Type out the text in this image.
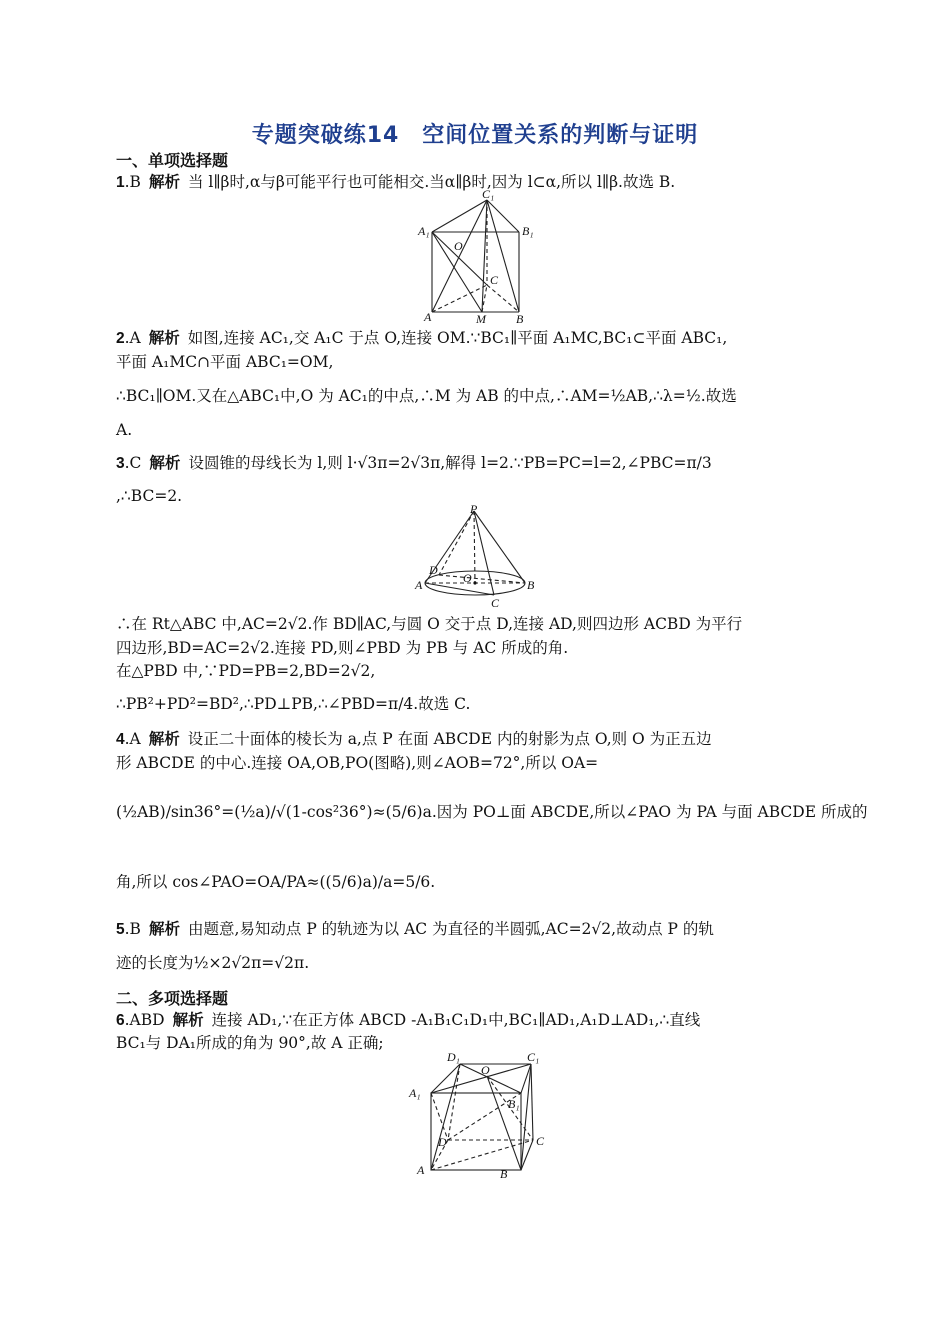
专题突破练14　空间位置关系的判断与证明
一、单项选择题
1.B 解析 当 l∥β时,α与β可能平行也可能相交.当α∥β时,因为 l⊂α,所以 l∥β.故选 B.
A₁
C₁
B₁
O
C
A	M	B
2.A 解析 如图,连接 AC₁,交 A₁C 于点 O,连接 OM.∵BC₁∥平面 A₁MC,BC₁⊂平面 ABC₁,
平面 A₁MC∩平面 ABC₁=OM,
∴BC₁∥OM.又在△ABC₁中,O 为 AC₁的中点,∴M 为 AB 的中点,∴AM=½AB,∴λ=½.故选
A.
3.C 解析 设圆锥的母线长为 l,则 l·√3π=2√3π,解得 l=2.∵PB=PC=l=2,∠PBC=π/3
,∴BC=2.
P
D
O
A	B
C
∴在 Rt△ABC 中,AC=2√2.作 BD∥AC,与圆 O 交于点 D,连接 AD,则四边形 ACBD 为平行
四边形,BD=AC=2√2.连接 PD,则∠PBD 为 PB 与 AC 所成的角.
在△PBD 中,∵PD=PB=2,BD=2√2,
∴PB²+PD²=BD²,∴PD⊥PB,∴∠PBD=π/4.故选 C.
4.A 解析 设正二十面体的棱长为 a,点 P 在面 ABCDE 内的射影为点 O,则 O 为正五边
形 ABCDE 的中心.连接 OA,OB,PO(图略),则∠AOB=72°,所以 OA=
(½AB)/sin36°=(½a)/√(1-cos²36°)≈(5/6)a.因为 PO⊥面 ABCDE,所以∠PAO 为 PA 与面 ABCDE 所成的
角,所以 cos∠PAO=OA/PA≈((5/6)a)/a=5/6.
5.B 解析 由题意,易知动点 P 的轨迹为以 AC 为直径的半圆弧,AC=2√2,故动点 P 的轨
迹的长度为½×2√2π=√2π.
二、多项选择题
6.ABD 解析 连接 AD₁,∵在正方体 ABCD -A₁B₁C₁D₁中,BC₁∥AD₁,A₁D⊥AD₁,∴直线
BC₁与 DA₁所成的角为 90°,故 A 正确;
D₁
O
C₁
A₁
B₁
D	C
A	B
